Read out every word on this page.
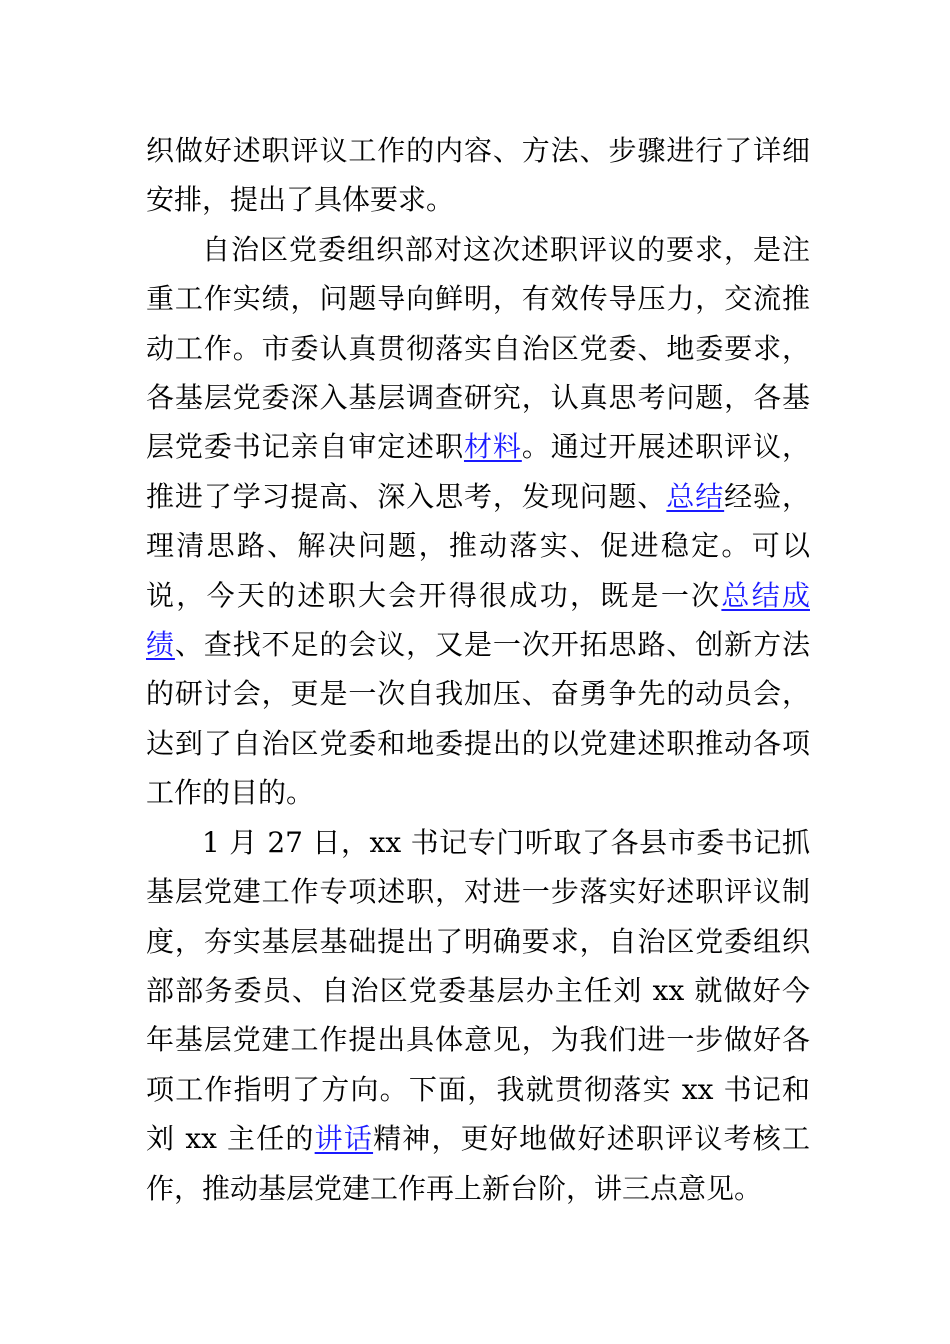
织做好述职评议工作的内容、方法、步骤进行了详细安排，提出了具体要求。

自治区党委组织部对这次述职评议的要求，是注重工作实绩，问题导向鲜明，有效传导压力，交流推动工作。市委认真贯彻落实自治区党委、地委要求，各基层党委深入基层调查研究，认真思考问题，各基层党委书记亲自审定述职材料。通过开展述职评议，推进了学习提高、深入思考，发现问题、总结经验，理清思路、解决问题，推动落实、促进稳定。可以说，今天的述职大会开得很成功，既是一次总结成绩、查找不足的会议，又是一次开拓思路、创新方法的研讨会，更是一次自我加压、奋勇争先的动员会，达到了自治区党委和地委提出的以党建述职推动各项工作的目的。

1 月 27 日，xx 书记专门听取了各县市委书记抓基层党建工作专项述职，对进一步落实好述职评议制度，夯实基层基础提出了明确要求，自治区党委组织部部务委员、自治区党委基层办主任刘 xx 就做好今年基层党建工作提出具体意见，为我们进一步做好各项工作指明了方向。下面，我就贯彻落实 xx 书记和刘 xx 主任的讲话精神，更好地做好述职评议考核工作，推动基层党建工作再上新台阶，讲三点意见。
